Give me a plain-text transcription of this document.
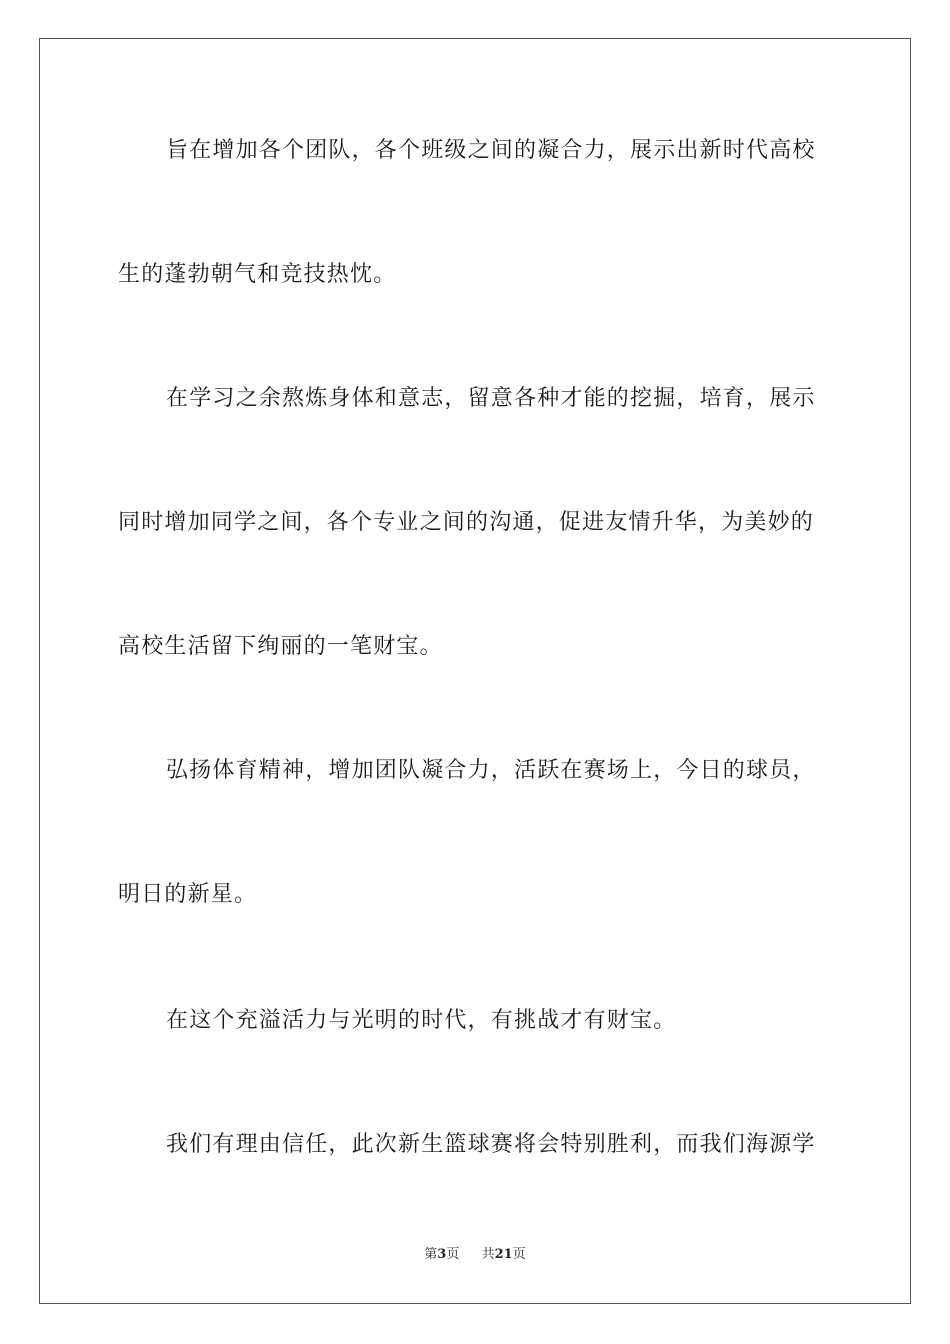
旨在增加各个团队，各个班级之间的凝合力，展示出新时代高校
生的蓬勃朝气和竞技热忱。
在学习之余熬炼身体和意志，留意各种才能的挖掘，培育，展示
同时增加同学之间，各个专业之间的沟通，促进友情升华，为美妙的
高校生活留下绚丽的一笔财宝。
弘扬体育精神，增加团队凝合力，活跃在赛场上，今日的球员，
明日的新星。
在这个充溢活力与光明的时代，有挑战才有财宝。
我们有理由信任，此次新生篮球赛将会特别胜利，而我们海源学
第3页 共21页
